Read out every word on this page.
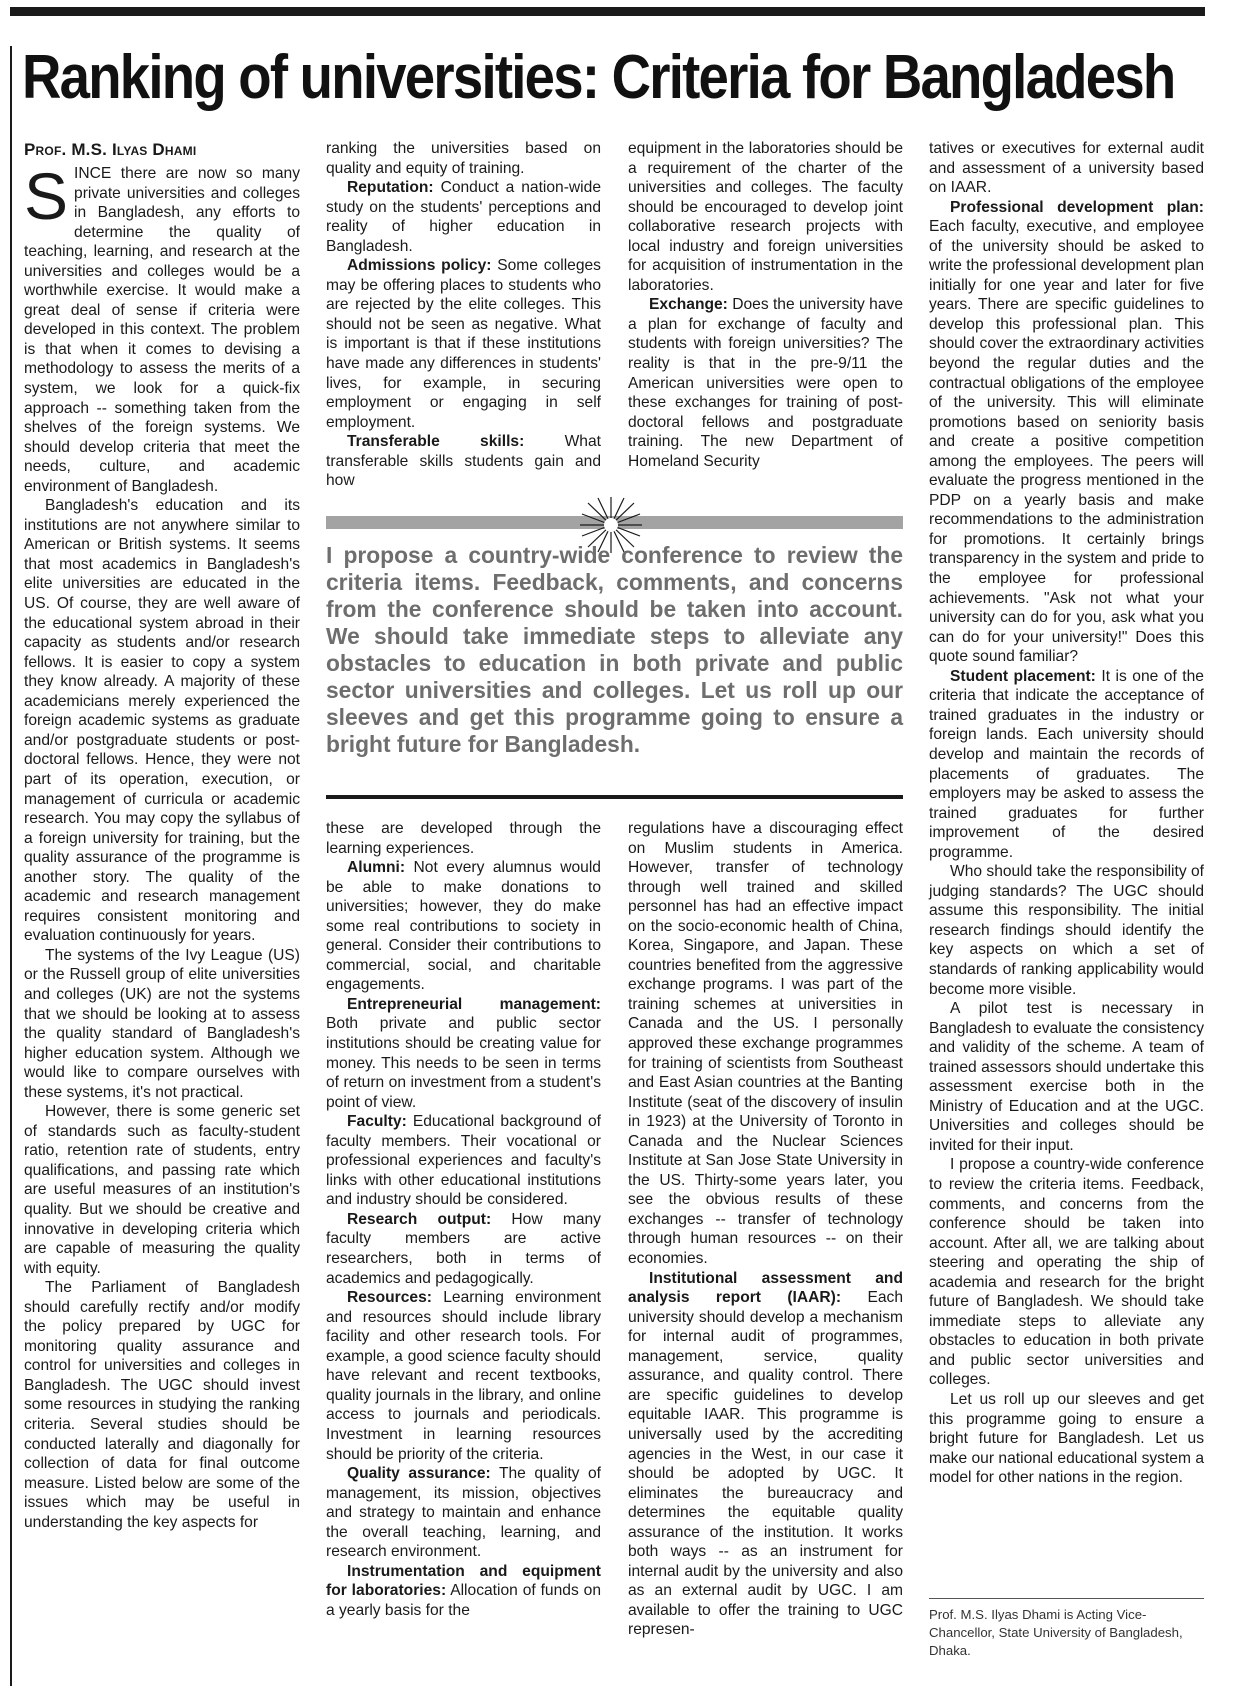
Ranking of universities: Criteria for Bangladesh
Prof. M.S. Ilyas Dhami

SINCE there are now so many private universities and colleges in Bangladesh, any efforts to determine the quality of teaching, learning, and research at the universities and colleges would be a worthwhile exercise. It would make a great deal of sense if criteria were developed in this context. The problem is that when it comes to devising a methodology to assess the merits of a system, we look for a quick-fix approach -- something taken from the shelves of the foreign systems. We should develop criteria that meet the needs, culture, and academic environment of Bangladesh.

Bangladesh's education and its institutions are not anywhere similar to American or British systems. It seems that most academics in Bangladesh's elite universities are educated in the US. Of course, they are well aware of the educational system abroad in their capacity as students and/or research fellows. It is easier to copy a system they know already. A majority of these academicians merely experienced the foreign academic systems as graduate and/or postgraduate students or post-doctoral fellows. Hence, they were not part of its operation, execution, or management of curricula or academic research. You may copy the syllabus of a foreign university for training, but the quality assurance of the programme is another story. The quality of the academic and research management requires consistent monitoring and evaluation continuously for years.

The systems of the Ivy League (US) or the Russell group of elite universities and colleges (UK) are not the systems that we should be looking at to assess the quality standard of Bangladesh's higher education system. Although we would like to compare ourselves with these systems, it's not practical.

However, there is some generic set of standards such as faculty-student ratio, retention rate of students, entry qualifications, and passing rate which are useful measures of an institution's quality. But we should be creative and innovative in developing criteria which are capable of measuring the quality with equity.

The Parliament of Bangladesh should carefully rectify and/or modify the policy prepared by UGC for monitoring quality assurance and control for universities and colleges in Bangladesh. The UGC should invest some resources in studying the ranking criteria. Several studies should be conducted laterally and diagonally for collection of data for final outcome measure. Listed below are some of the issues which may be useful in understanding the key aspects for

ranking the universities based on quality and equity of training.

Reputation: Conduct a nation-wide study on the students' perceptions and reality of higher education in Bangladesh.

Admissions policy: Some colleges may be offering places to students who are rejected by the elite colleges. This should not be seen as negative. What is important is that if these institutions have made any differences in students' lives, for example, in securing employment or engaging in self employment.

Transferable skills:	What transferable skills students gain and how

equipment in the laboratories should be a requirement of the charter of the universities and colleges. The faculty should be encouraged to develop joint collaborative research projects with local industry and foreign universities for acquisition of instrumentation in the laboratories.

Exchange: Does the university have a plan for exchange of faculty and students with foreign universities? The reality is that in the pre-9/11 the American universities were open to these exchanges for training of post-doctoral fellows and postgraduate training. The new Department of Homeland Security

I propose a country-wide conference to review the criteria items. Feedback, comments, and concerns from the conference should be taken into account. We should take immediate steps to alleviate any obstacles to education in both private and public sector universities and colleges. Let us roll up our sleeves and get this programme going to ensure a bright future for Bangladesh.

these are developed through the learning experiences.

Alumni: Not every alumnus would be able to make donations to universities; however, they do make some real contributions to society in general. Consider their contributions to commercial, social, and charitable engagements.

Entrepreneurial management: Both private and public sector institutions should be creating value for money. This needs to be seen in terms of return on investment from a student's point of view.

Faculty: Educational background of faculty members. Their vocational or professional experiences and faculty's links with other educational institutions and industry should be considered.

Research output: How many faculty members are active researchers, both in terms of academics and pedagogically.

Resources: Learning environment and resources should include library facility and other research tools. For example, a good science faculty should have relevant and recent textbooks, quality journals in the library, and online access to journals and periodicals. Investment in learning resources should be priority of the criteria.

Quality assurance: The quality of management, its mission, objectives and strategy to maintain and enhance the overall teaching, learning, and research environment.

Instrumentation and equipment for laboratories: Allocation of funds on a yearly basis for the

regulations have a discouraging effect on Muslim students in America. However, transfer of technology through well trained and skilled personnel has had an effective impact on the socio-economic health of China, Korea, Singapore, and Japan. These countries benefited from the aggressive exchange programs. I was part of the training schemes at universities in Canada and the US. I personally approved these exchange programmes for training of scientists from Southeast and East Asian countries at the Banting Institute (seat of the discovery of insulin in 1923) at the University of Toronto in Canada and the Nuclear Sciences Institute at San Jose State University in the US. Thirty-some years later, you see the obvious results of these exchanges -- transfer of technology through human resources -- on their economies.

Institutional assessment and analysis report (IAAR): Each university should develop a mechanism for internal audit of programmes, management, service, quality assurance, and quality control. There are specific guidelines to develop equitable IAAR. This programme is universally used by the accrediting agencies in the West, in our case it should be adopted by UGC. It eliminates the bureaucracy and determines the equitable quality assurance of the institution. It works both ways -- as an instrument for internal audit by the university and also as an external audit by UGC. I am available to offer the training to UGC represen-

tatives or executives for external audit and assessment of a university based on IAAR.

Professional development plan: Each faculty, executive, and employee of the university should be asked to write the professional development plan initially for one year and later for five years. There are specific guidelines to develop this professional plan. This should cover the extraordinary activities beyond the regular duties and the contractual obligations of the employee of the university. This will eliminate promotions based on seniority basis and create a positive competition among the employees. The peers will evaluate the progress mentioned in the PDP on a yearly basis and make recommendations to the administration for promotions. It certainly brings transparency in the system and pride to the employee for professional achievements. "Ask not what your university can do for you, ask what you can do for your university!" Does this quote sound familiar?

Student placement: It is one of the criteria that indicate the acceptance of trained graduates in the industry or foreign lands. Each university should develop and maintain the records of placements of graduates. The employers may be asked to assess the trained graduates for further improvement of the desired programme.

Who should take the responsibility of judging standards? The UGC should assume this responsibility. The initial research findings should identify the key aspects on which a set of standards of ranking applicability would become more visible.

A pilot test is necessary in Bangladesh to evaluate the consistency and validity of the scheme. A team of trained assessors should undertake this assessment exercise both in the Ministry of Education and at the UGC. Universities and colleges should be invited for their input.

I propose a country-wide conference to review the criteria items. Feedback, comments, and concerns from the conference should be taken into account. After all, we are talking about steering and operating the ship of academia and research for the bright future of Bangladesh. We should take immediate steps to alleviate any obstacles to education in both private and public sector universities and colleges.

Let us roll up our sleeves and get this programme going to ensure a bright future for Bangladesh. Let us make our national educational system a model for other nations in the region.

Prof. M.S. Ilyas Dhami is Acting Vice-Chancellor, State University of Bangladesh, Dhaka.
